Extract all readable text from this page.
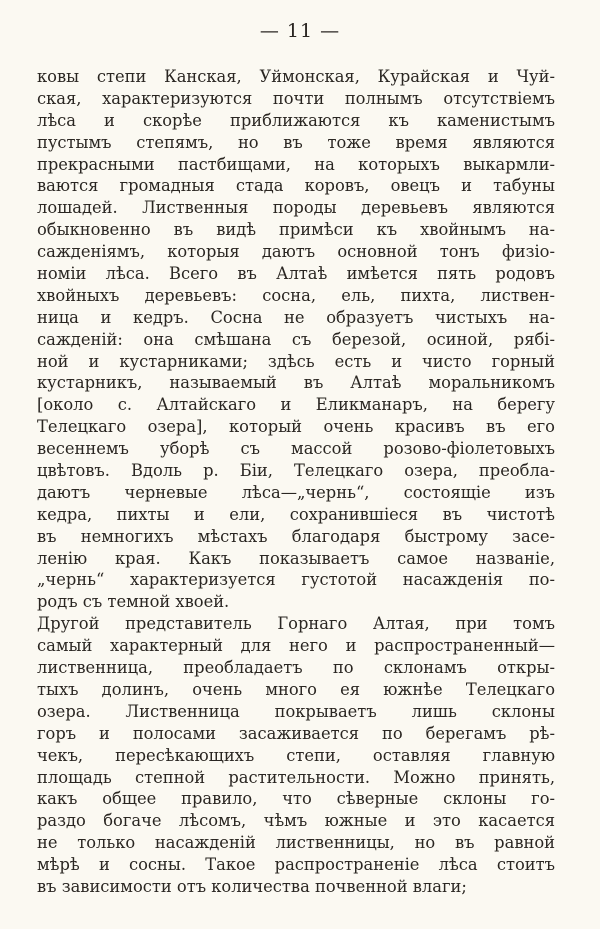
— 11 —
ковы степи Канская, Уймонская, Курайская и Чуй-
ская, характеризуются почти полнымъ отсутствіемъ
лѣса и скорѣе приближаются къ каменистымъ
пустымъ степямъ, но въ тоже время являются
прекрасными пастбищами, на которыхъ выкармли-
ваются громадныя стада коровъ, овецъ и табуны
лошадей. Лиственныя породы деревьевъ являются
обыкновенно въ видѣ примѣси къ хвойнымъ на-
сажденіямъ, которыя даютъ основной тонъ физіо-
номіи лѣса. Всего въ Алтаѣ имѣется пять родовъ
хвойныхъ деревьевъ: сосна, ель, пихта, листвен-
ница и кедръ. Сосна не образуетъ чистыхъ на-
сажденій: она смѣшана съ березой, осиной, рябі-
ной и кустарниками; здѣсь есть и чисто горный
кустарникъ, называемый въ Алтаѣ моральникомъ
[около с. Алтайскаго и Еликманаръ, на берегу
Телецкаго озера], который очень красивъ въ его
весеннемъ уборѣ съ массой розово-фіолетовыхъ
цвѣтовъ. Вдоль р. Біи, Телецкаго озера, преобла-
даютъ черневые лѣса—„чернь“, состоящіе изъ
кедра, пихты и ели, сохранившіеся въ чистотѣ
въ немногихъ мѣстахъ благодаря быстрому засе-
ленію края. Какъ показываетъ самое названіе,
„чернь“ характеризуется густотой насажденія по-
родъ съ темной хвоей.
Другой представитель Горнаго Алтая, при томъ
самый характерный для него и распространенный—
лиственница, преобладаетъ по склонамъ откры-
тыхъ долинъ, очень много ея южнѣе Телецкаго
озера. Лиственница покрываетъ лишь склоны
горъ и полосами засаживается по берегамъ рѣ-
чекъ, пересѣкающихъ степи, оставляя главную
площадь степной растительности. Можно принять,
какъ общее правило, что сѣверные склоны го-
раздо богаче лѣсомъ, чѣмъ южные и это касается
не только насажденій лиственницы, но въ равной
мѣрѣ и сосны. Такое распространеніе лѣса стоитъ
въ зависимости отъ количества почвенной влаги;
